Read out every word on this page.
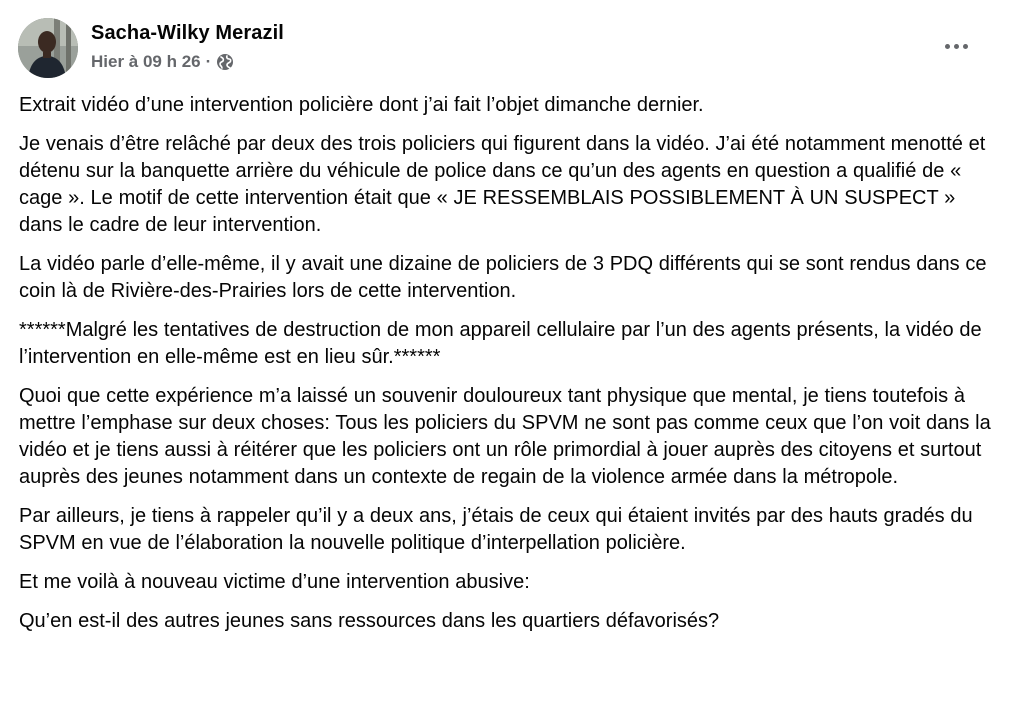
Sacha-Wilky Merazil
Hier à 09 h 26 ·

Extrait vidéo d’une intervention policière dont j’ai fait l’objet dimanche dernier.

Je venais d’être relâché par deux des trois policiers qui figurent dans la vidéo. J’ai été notamment menotté et détenu sur la banquette arrière du véhicule de police dans ce qu’un des agents en question a qualifié de « cage ». Le motif de cette intervention était que « JE RESSEMBLAIS POSSIBLEMENT À UN SUSPECT » dans le cadre de leur intervention.

La vidéo parle d’elle-même, il y avait une dizaine de policiers de 3 PDQ différents qui se sont rendus dans ce coin là de Rivière-des-Prairies lors de cette intervention.

******Malgré les tentatives de destruction de mon appareil cellulaire par l’un des agents présents, la vidéo de l’intervention en elle-même est en lieu sûr.******

Quoi que cette expérience m’a laissé un souvenir douloureux tant physique que mental, je tiens toutefois à mettre l’emphase sur deux choses: Tous les policiers du SPVM ne sont pas comme ceux que l’on voit dans la vidéo et je tiens aussi à réitérer que les policiers ont un rôle primordial à jouer auprès des citoyens et surtout auprès des jeunes notamment dans un contexte de regain de la violence armée dans la métropole.

Par ailleurs, je tiens à rappeler qu’il y a deux ans, j’étais de ceux qui étaient invités par des hauts gradés du SPVM en vue de l’élaboration la nouvelle politique d’interpellation policière.

Et me voilà à nouveau victime d’une intervention abusive:

Qu’en est-il des autres jeunes sans ressources dans les quartiers défavorisés?
